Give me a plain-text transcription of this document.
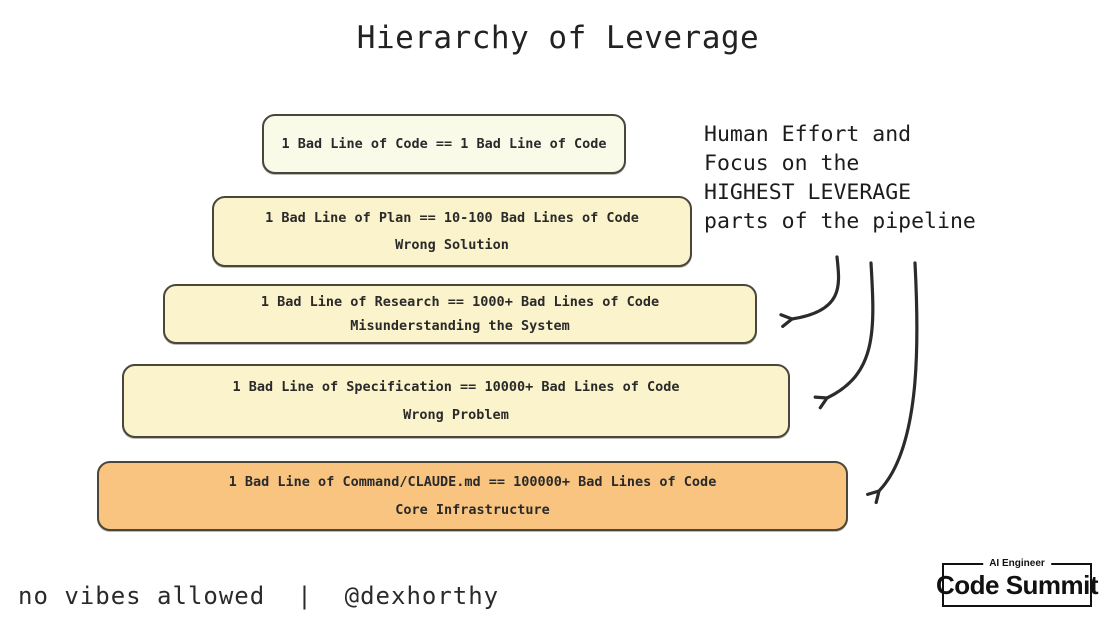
Hierarchy of Leverage
1 Bad Line of Code == 1 Bad Line of Code
1 Bad Line of Plan == 10-100 Bad Lines of Code
Wrong Solution
1 Bad Line of Research == 1000+ Bad Lines of Code
Misunderstanding the System
1 Bad Line of Specification == 10000+ Bad Lines of Code
Wrong Problem
1 Bad Line of Command/CLAUDE.md == 100000+ Bad Lines of Code
Core Infrastructure
Human Effort and
Focus on the
HIGHEST LEVERAGE
parts of the pipeline
no vibes allowed | @dexhorthy
AI Engineer
Code Summit
